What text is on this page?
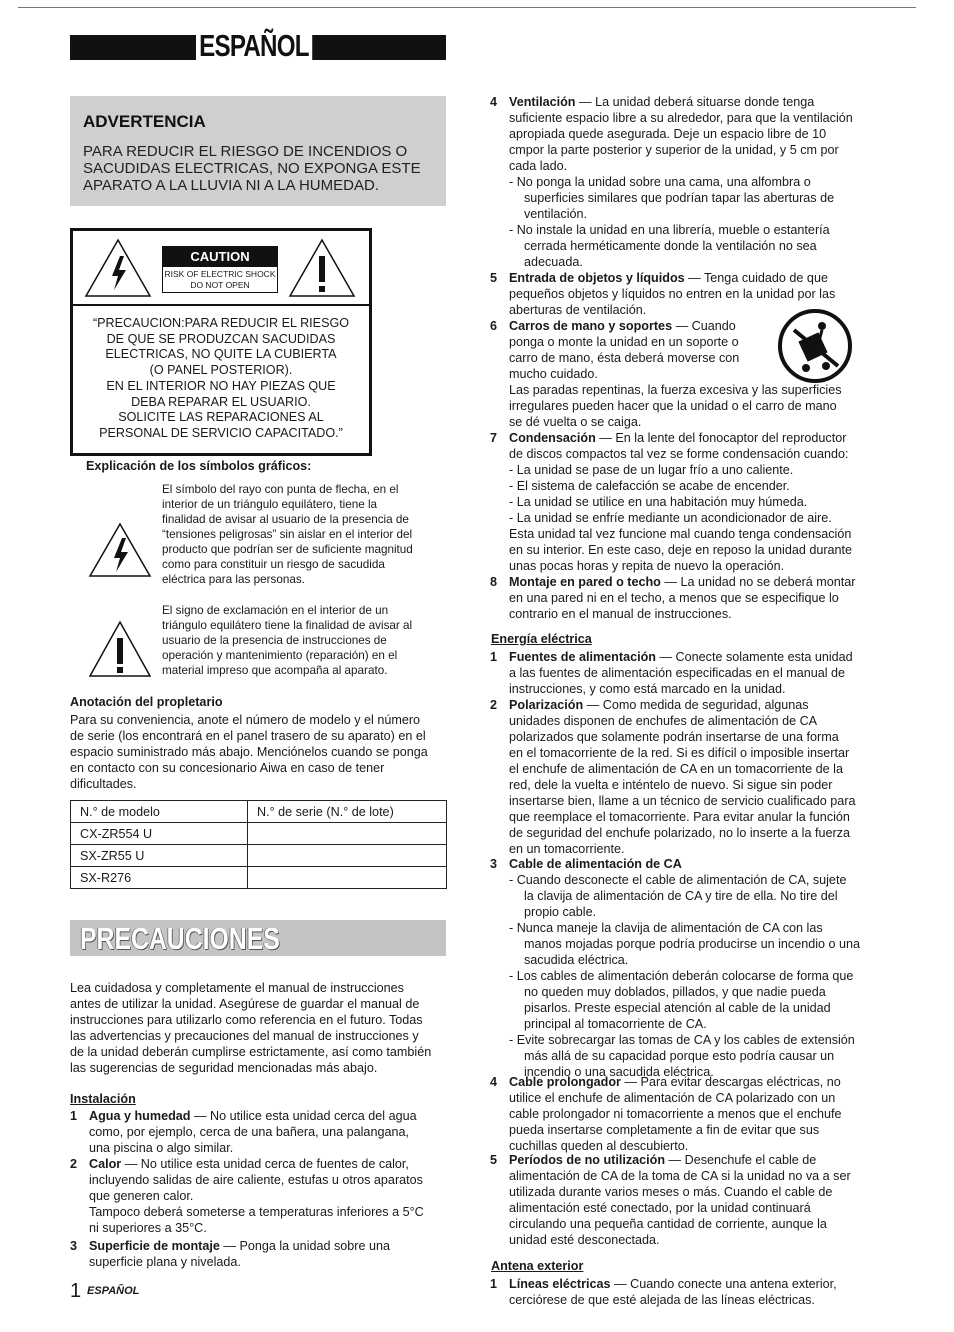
ESPAÑOL
ADVERTENCIA
PARA REDUCIR EL RIESGO DE INCENDIOS O
SACUDIDAS ELECTRICAS, NO EXPONGA ESTE
APARATO A LA LLUVIA NI A LA HUMEDAD.
CAUTION
RISK OF ELECTRIC SHOCK
DO NOT OPEN
“PRECAUCION:PARA REDUCIR EL RIESGO
DE QUE SE PRODUZCAN SACUDIDAS
ELECTRICAS, NO QUITE LA CUBIERTA
(O PANEL POSTERIOR).
EN EL INTERIOR NO HAY PIEZAS QUE
DEBA REPARAR EL USUARIO.
SOLICITE LAS REPARACIONES AL
PERSONAL DE SERVICIO CAPACITADO.”
Explicación de los símbolos gráficos:
El símbolo del rayo con punta de flecha, en el
interior de un triángulo equilátero, tiene la
finalidad de avisar al usuario de la presencia de
“tensiones peligrosas” sin aislar en el interior del
producto que podrían ser de suficiente magnitud
como para constituir un riesgo de sacudida
eléctrica para las personas.
El signo de exclamación en el interior de un
triángulo equilátero tiene la finalidad de avisar al
usuario de la presencia de instrucciones de
operación y mantenimiento (reparación) en el
material impreso que acompaña al aparato.
Anotación del propletario
Para su conveniencia, anote el número de modelo y el número
de serie (los encontrará en el panel trasero de su aparato) en el
espacio suministrado más abajo. Menciónelos cuando se ponga
en contacto con su concesionario Aiwa en caso de tener
dificultades.
N.° de modelo	N.° de serie (N.° de lote)
CX-ZR554 U	
SX-ZR55 U	
SX-R276	
PRECAUCIONES
Lea cuidadosa y completamente el manual de instrucciones
antes de utilizar la unidad. Asegúrese de guardar el manual de
instrucciones para utilizarlo como referencia en el futuro. Todas
las advertencias y precauciones del manual de instrucciones y
de la unidad deberán cumplirse estrictamente, así como también
las sugerencias de seguridad mencionadas más abajo.
Instalación
1 Agua y humedad — No utilice esta unidad cerca del agua
como, por ejemplo, cerca de una bañera, una palangana,
una piscina o algo similar.
2 Calor — No utilice esta unidad cerca de fuentes de calor,
incluyendo salidas de aire caliente, estufas u otros aparatos
que generen calor.
Tampoco deberá someterse a temperaturas inferiores a 5°C
ni superiores a 35°C.
3 Superficie de montaje — Ponga la unidad sobre una
superficie plana y nivelada.
1 ESPAÑOL
4 Ventilación — La unidad deberá situarse donde tenga
suficiente espacio libre a su alrededor, para que la ventilación
apropiada quede asegurada. Deje un espacio libre de 10
cmpor la parte posterior y superior de la unidad, y 5 cm por
cada lado.
- No ponga la unidad sobre una cama, una alfombra o
superficies similares que podrían tapar las aberturas de
ventilación.
- No instale la unidad en una librería, mueble o estantería
cerrada herméticamente donde la ventilación no sea
adecuada.
5 Entrada de objetos y líquidos — Tenga cuidado de que
pequeños objetos y líquidos no entren en la unidad por las
aberturas de ventilación.
6 Carros de mano y soportes — Cuando
ponga o monte la unidad en un soporte o
carro de mano, ésta deberá moverse con
mucho cuidado.
Las paradas repentinas, la fuerza excesiva y las superficies
irregulares pueden hacer que la unidad o el carro de mano
se dé vuelta o se caiga.
7 Condensación — En la lente del fonocaptor del reproductor
de discos compactos tal vez se forme condensación cuando:
- La unidad se pase de un lugar frío a uno caliente.
- El sistema de calefacción se acabe de encender.
- La unidad se utilice en una habitación muy húmeda.
- La unidad se enfríe mediante un acondicionador de aire.
Esta unidad tal vez funcione mal cuando tenga condensación
en su interior. En este caso, deje en reposo la unidad durante
unas pocas horas y repita de nuevo la operación.
8 Montaje en pared o techo — La unidad no se deberá montar
en una pared ni en el techo, a menos que se especifique lo
contrario en el manual de instrucciones.
Energía eléctrica
1 Fuentes de alimentación — Conecte solamente esta unidad
a las fuentes de alimentación especificadas en el manual de
instrucciones, y como está marcado en la unidad.
2 Polarización — Como medida de seguridad, algunas
unidades disponen de enchufes de alimentación de CA
polarizados que solamente podrán insertarse de una forma
en el tomacorriente de la red. Si es difícil o imposible insertar
el enchufe de alimentación de CA en un tomacorriente de la
red, dele la vuelta e inténtelo de nuevo. Si sigue sin poder
insertarse bien, llame a un técnico de servicio cualificado para
que reemplace el tomacorriente. Para evitar anular la función
de seguridad del enchufe polarizado, no lo inserte a la fuerza
en un tomacorriente.
3 Cable de alimentación de CA
- Cuando desconecte el cable de alimentación de CA, sujete
la clavija de alimentación de CA y tire de ella. No tire del
propio cable.
- Nunca maneje la clavija de alimentación de CA con las
manos mojadas porque podría producirse un incendio o una
sacudida eléctrica.
- Los cables de alimentación deberán colocarse de forma que
no queden muy doblados, pillados, y que nadie pueda
pisarlos. Preste especial atención al cable de la unidad
principal al tomacorriente de CA.
- Evite sobrecargar las tomas de CA y los cables de extensión
más allá de su capacidad porque esto podría causar un
incendio o una sacudida eléctrica.
4 Cable prolongador — Para evitar descargas eléctricas, no
utilice el enchufe de alimentación de CA polarizado con un
cable prolongador ni tomacorriente a menos que el enchufe
pueda insertarse completamente a fin de evitar que sus
cuchillas queden al descubierto.
5 Períodos de no utilización — Desenchufe el cable de
alimentación de CA de la toma de CA si la unidad no va a ser
utilizada durante varios meses o más. Cuando el cable de
alimentación esté conectado, por la unidad continuará
circulando una pequeña cantidad de corriente, aunque la
unidad esté desconectada.
Antena exterior
1 Líneas eléctricas — Cuando conecte una antena exterior,
cerciórese de que esté alejada de las líneas eléctricas.
